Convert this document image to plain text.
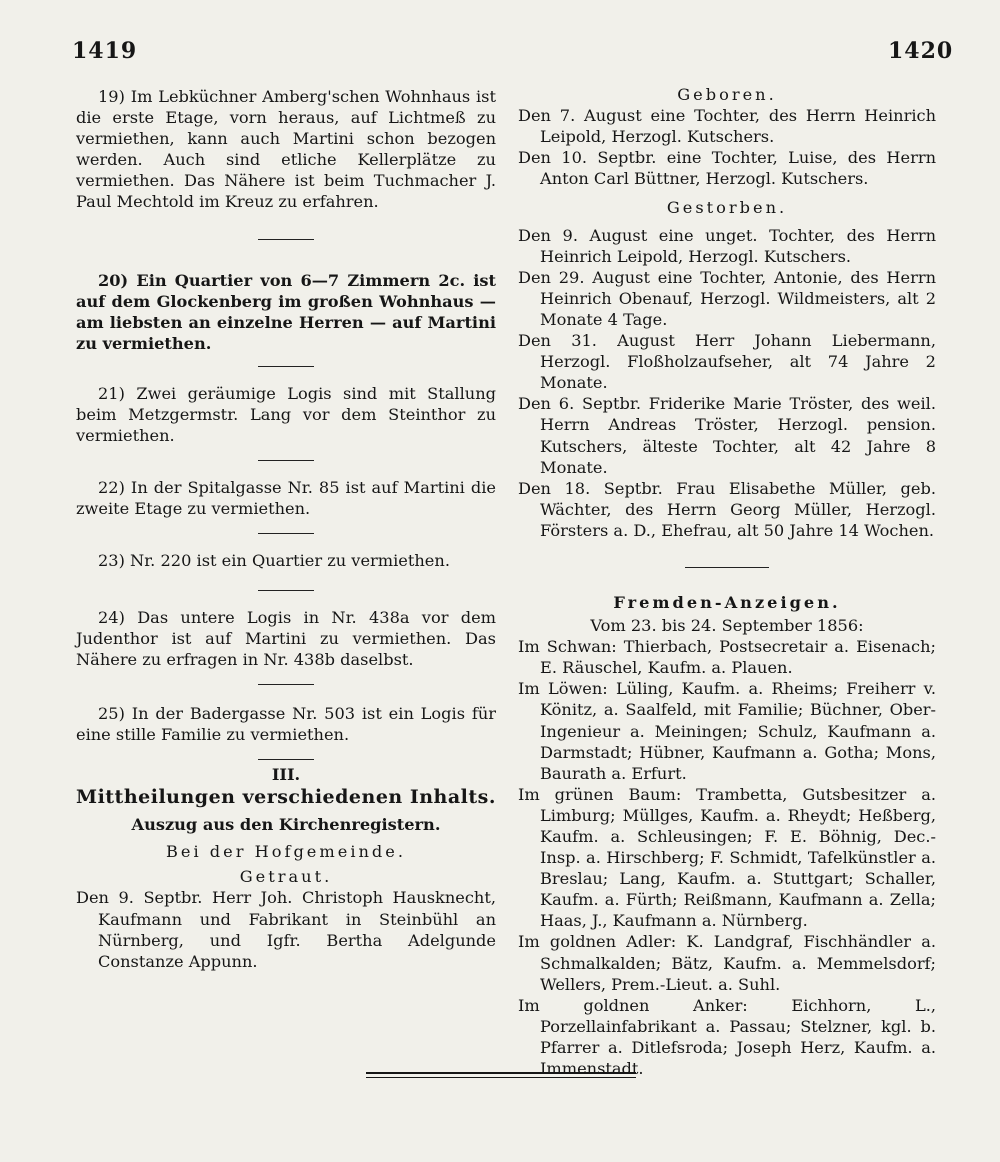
1419	1420

19) Im Lebküchner Amberg'schen Wohnhaus ist die erste Etage, vorn heraus, auf Lichtmeß zu vermiethen, kann auch Martini schon bezogen werden. Auch sind etliche Kellerplätze zu vermiethen. Das Nähere ist beim Tuchmacher J. Paul Mechtold im Kreuz zu erfahren.

20) Ein Quartier von 6—7 Zimmern 2c. ist auf dem Glockenberg im großen Wohnhaus — am liebsten an einzelne Herren — auf Martini zu vermiethen.

21) Zwei geräumige Logis sind mit Stallung beim Metzgermstr. Lang vor dem Steinthor zu vermiethen.

22) In der Spitalgasse Nr. 85 ist auf Martini die zweite Etage zu vermiethen.

23) Nr. 220 ist ein Quartier zu vermiethen.

24) Das untere Logis in Nr. 438a vor dem Judenthor ist auf Martini zu vermiethen. Das Nähere zu erfragen in Nr. 438b daselbst.

25) In der Badergasse Nr. 503 ist ein Logis für eine stille Familie zu vermiethen.

III.
Mittheilungen verschiedenen Inhalts.
Auszug aus den Kirchenregistern.
Bei der Hofgemeinde.
Getraut.

Den 9. Septbr. Herr Joh. Christoph Hausknecht, Kaufmann und Fabrikant in Steinbühl an Nürnberg, und Igfr. Bertha Adelgunde Constanze Appunn.

Geboren.

Den 7. August eine Tochter, des Herrn Heinrich Leipold, Herzogl. Kutschers.

Den 10. Septbr. eine Tochter, Luise, des Herrn Anton Carl Büttner, Herzogl. Kutschers.

Gestorben.

Den 9. August eine unget. Tochter, des Herrn Heinrich Leipold, Herzogl. Kutschers.

Den 29. August eine Tochter, Antonie, des Herrn Heinrich Obenauf, Herzogl. Wildmeisters, alt 2 Monate 4 Tage.

Den 31. August Herr Johann Liebermann, Herzogl. Floßholzaufseher, alt 74 Jahre 2 Monate.

Den 6. Septbr. Friderike Marie Tröster, des weil. Herrn Andreas Tröster, Herzogl. pension. Kutschers, älteste Tochter, alt 42 Jahre 8 Monate.

Den 18. Septbr. Frau Elisabethe Müller, geb. Wächter, des Herrn Georg Müller, Herzogl. Försters a. D., Ehefrau, alt 50 Jahre 14 Wochen.

Fremden-Anzeigen.
Vom 23. bis 24. September 1856:

Im Schwan: Thierbach, Postsecretair a. Eisenach; E. Räuschel, Kaufm. a. Plauen.

Im Löwen: Lüling, Kaufm. a. Rheims; Freiherr v. Könitz, a. Saalfeld, mit Familie; Büchner, Ober-Ingenieur a. Meiningen; Schulz, Kaufmann a. Darmstadt; Hübner, Kaufmann a. Gotha; Mons, Baurath a. Erfurt.

Im grünen Baum: Trambetta, Gutsbesitzer a. Limburg; Müllges, Kaufm. a. Rheydt; Heßberg, Kaufm. a. Schleusingen; F. E. Böhnig, Dec.-Insp. a. Hirschberg; F. Schmidt, Tafelkünstler a. Breslau; Lang, Kaufm. a. Stuttgart; Schaller, Kaufm. a. Fürth; Reißmann, Kaufmann a. Zella; Haas, J., Kaufmann a. Nürnberg.

Im goldnen Adler: K. Landgraf, Fischhändler a. Schmalkalden; Bätz, Kaufm. a. Memmelsdorf; Wellers, Prem.-Lieut. a. Suhl.

Im goldnen Anker: Eichhorn, L., Porzellainfabrikant a. Passau; Stelzner, kgl. b. Pfarrer a. Ditlefsroda; Joseph Herz, Kaufm. a. Immenstadt.
